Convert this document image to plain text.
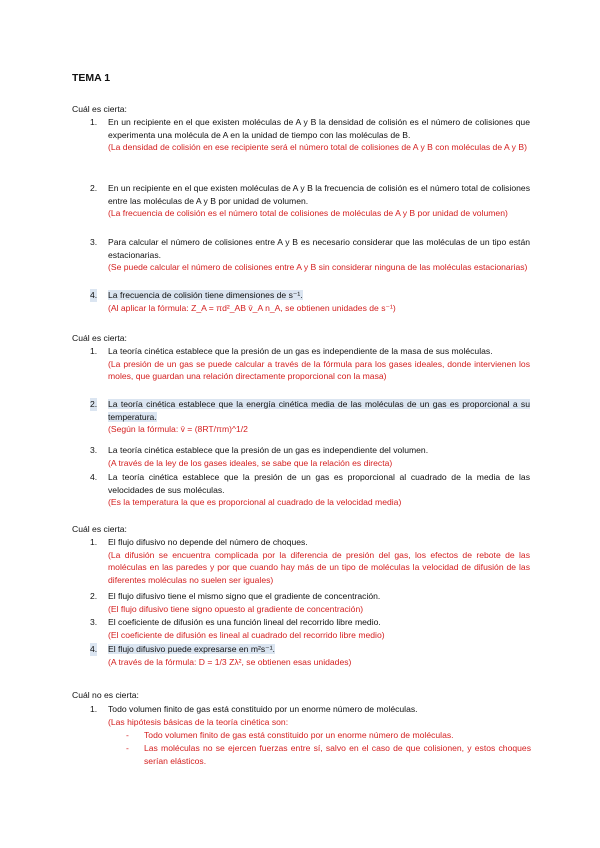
TEMA 1
Cuál es cierta:
1. En un recipiente en el que existen moléculas de A y B la densidad de colisión es el número de colisiones que experimenta una molécula de A en la unidad de tiempo con las moléculas de B.
(La densidad de colisión en ese recipiente será el número total de colisiones de A y B con moléculas de A y B)
2. En un recipiente en el que existen moléculas de A y B la frecuencia de colisión es el número total de colisiones entre las moléculas de A y B por unidad de volumen.
(La frecuencia de colisión es el número total de colisiones de moléculas de A y B por unidad de volumen)
3. Para calcular el número de colisiones entre A y B es necesario considerar que las moléculas de un tipo están estacionarias.
(Se puede calcular el número de colisiones entre A y B sin considerar ninguna de las moléculas estacionarias)
4. La frecuencia de colisión tiene dimensiones de s⁻¹.
(Al aplicar la fórmula: Z_A = πd²_AB v̄_A n_A, se obtienen unidades de s⁻¹)
Cuál es cierta:
1. La teoría cinética establece que la presión de un gas es independiente de la masa de sus moléculas.
(La presión de un gas se puede calcular a través de la fórmula para los gases ideales, donde intervienen los moles, que guardan una relación directamente proporcional con la masa)
2. La teoría cinética establece que la energía cinética media de las moléculas de un gas es proporcional a su temperatura.
(Según la fórmula: v̄ = (8RT/πm)^1/2
3. La teoría cinética establece que la presión de un gas es independiente del volumen.
(A través de la ley de los gases ideales, se sabe que la relación es directa)
4. La teoría cinética establece que la presión de un gas es proporcional al cuadrado de la media de las velocidades de sus moléculas.
(Es la temperatura la que es proporcional al cuadrado de la velocidad media)
Cuál es cierta:
1. El flujo difusivo no depende del número de choques.
(La difusión se encuentra complicada por la diferencia de presión del gas, los efectos de rebote de las moléculas en las paredes y por que cuando hay más de un tipo de moléculas la velocidad de difusión de las diferentes moléculas no suelen ser iguales)
2. El flujo difusivo tiene el mismo signo que el gradiente de concentración.
(El flujo difusivo tiene signo opuesto al gradiente de concentración)
3. El coeficiente de difusión es una función lineal del recorrido libre medio.
(El coeficiente de difusión es lineal al cuadrado del recorrido libre medio)
4. El flujo difusivo puede expresarse en m²s⁻¹.
(A través de la fórmula: D = 1/3 Zλ², se obtienen esas unidades)
Cuál no es cierta:
1. Todo volumen finito de gas está constituido por un enorme número de moléculas.
(Las hipótesis básicas de la teoría cinética son:
- Todo volumen finito de gas está constituido por un enorme número de moléculas.
- Las moléculas no se ejercen fuerzas entre sí, salvo en el caso de que colisionen, y estos choques serían elásticos.
